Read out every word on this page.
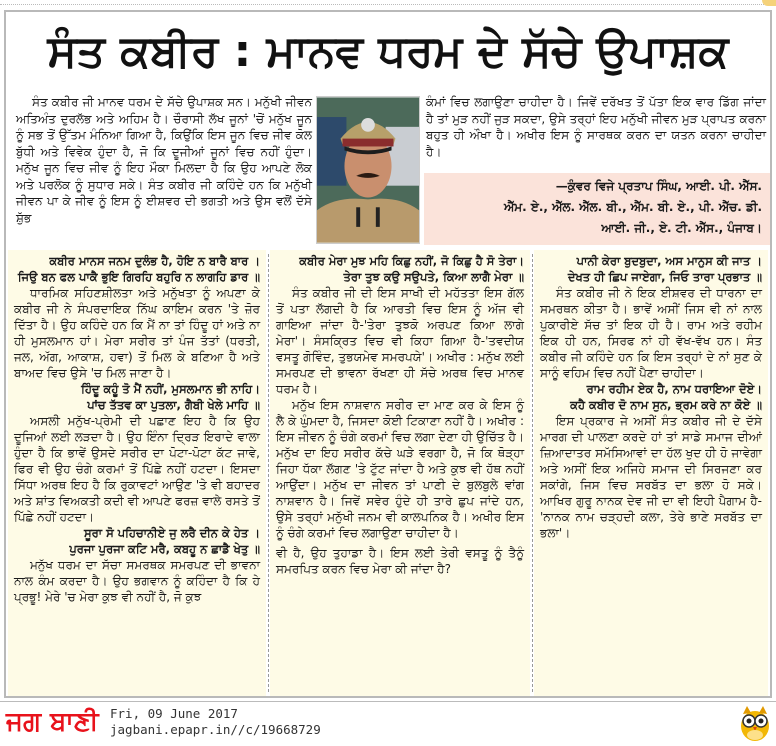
ਸੰਤ ਕਬੀਰ : ਮਾਨਵ ਧਰਮ ਦੇ ਸੱਚੇ ਉਪਾਸ਼ਕ

ਸੰਤ ਕਬੀਰ ਜੀ ਮਾਨਵ ਧਰਮ ਦੇ ਸੱਚੇ ਉਪਾਸ਼ਕ ਸਨ। ਮਨੁੱਖੀ ਜੀਵਨ ਅਤਿਅੰਤ ਦੁਰਲੱਭ ਅਤੇ ਅਹਿਮ ਹੈ। ਚੌਰਾਸੀ ਲੱਖ ਜੂਨਾਂ 'ਚੋਂ ਮਨੁੱਖ ਜੂਨ ਨੂੰ ਸਭ ਤੋਂ ਉੱਤਮ ਮੰਨਿਆ ਗਿਆ ਹੈ, ਕਿਉਂਕਿ ਇਸ ਜੂਨ ਵਿਚ ਜੀਵ ਕੋਲ ਬੁੱਧੀ ਅਤੇ ਵਿਵੇਕ ਹੁੰਦਾ ਹੈ, ਜੋ ਕਿ ਦੂਜੀਆਂ ਜੂਨਾਂ ਵਿਚ ਨਹੀਂ ਹੁੰਦਾ। ਮਨੁੱਖ ਜੂਨ ਵਿਚ ਜੀਵ ਨੂੰ ਇਹ ਮੌਕਾ ਮਿਲਦਾ ਹੈ ਕਿ ਉਹ ਆਪਣੇ ਲੋਕ ਅਤੇ ਪਰਲੋਕ ਨੂੰ ਸੁਧਾਰ ਸਕੇ। ਸੰਤ ਕਬੀਰ ਜੀ ਕਹਿੰਦੇ ਹਨ ਕਿ ਮਨੁੱਖੀ ਜੀਵਨ ਪਾ ਕੇ ਜੀਵ ਨੂੰ ਇਸ ਨੂੰ ਈਸ਼ਵਰ ਦੀ ਭਗਤੀ ਅਤੇ ਉਸ ਵਲੋਂ ਦੱਸੇ ਸ਼ੁੱਭ

ਕੰਮਾਂ ਵਿਚ ਲਗਾਉਣਾ ਚਾਹੀਦਾ ਹੈ। ਜਿਵੇਂ ਦਰੱਖਤ ਤੋਂ ਪੱਤਾ ਇਕ ਵਾਰ ਡਿੱਗ ਜਾਂਦਾ ਹੈ ਤਾਂ ਮੁੜ ਨਹੀਂ ਜੁੜ ਸਕਦਾ, ਉਸੇ ਤਰ੍ਹਾਂ ਇਹ ਮਨੁੱਖੀ ਜੀਵਨ ਮੁੜ ਪ੍ਰਾਪਤ ਕਰਨਾ ਬਹੁਤ ਹੀ ਔਖਾ ਹੈ। ਅਖੀਰ ਇਸ ਨੂੰ ਸਾਰਥਕ ਕਰਨ ਦਾ ਯਤਨ ਕਰਨਾ ਚਾਹੀਦਾ ਹੈ।

—ਕੁੰਵਰ ਵਿਜੇ ਪ੍ਰਤਾਪ ਸਿੰਘ, ਆਈ. ਪੀ. ਐੱਸ.
ਐੱਮ. ਏ., ਐੱਲ. ਐੱਲ. ਬੀ., ਐੱਮ. ਬੀ. ਏ., ਪੀ. ਐੱਚ. ਡੀ.
ਆਈ. ਜੀ., ਏ. ਟੀ. ਐੱਸ., ਪੰਜਾਬ।
ਕਬੀਰ ਮਾਨਸ ਜਨਮ ਦੁਲੰਭ ਹੈ, ਹੋਇ ਨ ਬਾਰੈ ਬਾਰ ।
ਜਿਉ ਬਨ ਫਲ ਪਾਕੈ ਭੁਇ ਗਿਰਹਿ ਬਹੁਰਿ ਨ ਲਾਗਹਿ ਡਾਰ ॥

ਧਾਰਮਿਕ ਸਹਿਣਸ਼ੀਲਤਾ ਅਤੇ ਮਨੁੱਖਤਾ ਨੂੰ ਅਪਣਾ ਕੇ ਕਬੀਰ ਜੀ ਨੇ ਸੰਪਰਦਾਇਕ ਨਿੱਘ ਕਾਇਮ ਕਰਨ 'ਤੇ ਜ਼ੋਰ ਦਿੱਤਾ ਹੈ। ਉਹ ਕਹਿੰਦੇ ਹਨ ਕਿ ਮੈਂ ਨਾ ਤਾਂ ਹਿੰਦੂ ਹਾਂ ਅਤੇ ਨਾ ਹੀ ਮੁਸਲਮਾਨ ਹਾਂ। ਮੇਰਾ ਸਰੀਰ ਤਾਂ ਪੰਜ ਤੱਤਾਂ (ਧਰਤੀ, ਜਲ, ਅੱਗ, ਆਕਾਸ਼, ਹਵਾ) ਤੋਂ ਮਿਲ ਕੇ ਬਣਿਆ ਹੈ ਅਤੇ ਬਾਅਦ ਵਿਚ ਉਸੇ 'ਚ ਮਿਲ ਜਾਣਾ ਹੈ।

ਹਿੰਦੂ ਕਹੂੰ ਤੋ ਮੈਂ ਨਹੀਂ, ਮੁਸਲਮਾਨ ਭੀ ਨਾਹਿ।
ਪਾਂਚ ਤੱਤਵ ਕਾ ਪੁਤਲਾ, ਗੈਬੀ ਖੇਲੇ ਮਾਹਿ ॥

ਅਸਲੀ ਮਨੁੱਖ-ਪ੍ਰੇਮੀ ਦੀ ਪਛਾਣ ਇਹ ਹੈ ਕਿ ਉਹ ਦੂਜਿਆਂ ਲਈ ਲੜਦਾ ਹੈ। ਉਹ ਇੰਨਾ ਦ੍ਰਿੜ ਇਰਾਦੇ ਵਾਲਾ ਹੁੰਦਾ ਹੈ ਕਿ ਭਾਵੇਂ ਉਸਦੇ ਸਰੀਰ ਦਾ ਪੋਟਾ-ਪੋਟਾ ਕੱਟ ਜਾਵੇ, ਫਿਰ ਵੀ ਉਹ ਚੰਗੇ ਕਰਮਾਂ ਤੋਂ ਪਿੱਛੇ ਨਹੀਂ ਹਟਦਾ। ਇਸਦਾ ਸਿੱਧਾ ਅਰਥ ਇਹ ਹੈ ਕਿ ਰੁਕਾਵਟਾਂ ਆਉਣ 'ਤੇ ਵੀ ਬਹਾਦਰ ਅਤੇ ਸ਼ਾਂਤ ਵਿਅਕਤੀ ਕਦੀ ਵੀ ਆਪਣੇ ਫਰਜ਼ ਵਾਲੇ ਰਸਤੇ ਤੋਂ ਪਿੱਛੇ ਨਹੀਂ ਹਟਦਾ।

ਸੂਰਾ ਸੋ ਪਹਿਚਾਨੀਏ ਜੁ ਲਰੈ ਦੀਨ ਕੇ ਹੇਤ ।
ਪੁਰਜਾ ਪੁਰਜਾ ਕਟਿ ਮਰੈ, ਕਬਹੂ ਨ ਛਾਡੈ ਖੇਤੁ ॥

ਮਨੁੱਖ ਧਰਮ ਦਾ ਸੱਚਾ ਸਮਰਥਕ ਸਮਰਪਣ ਦੀ ਭਾਵਨਾ ਨਾਲ ਕੰਮ ਕਰਦਾ ਹੈ। ਉਹ ਭਗਵਾਨ ਨੂੰ ਕਹਿੰਦਾ ਹੈ ਕਿ ਹੇ ਪ੍ਰਭੂ! ਮੇਰੇ 'ਚ ਮੇਰਾ ਕੁਝ ਵੀ ਨਹੀਂ ਹੈ, ਜੋ ਕੁਝ

ਕਬੀਰ ਮੇਰਾ ਮੁਝ ਮਹਿ ਕਿਛੁ ਨਹੀਂ, ਜੋ ਕਿਛੁ ਹੈ ਸੋ ਤੇਰਾ।
ਤੇਰਾ ਤੁਝ ਕਉ ਸਉਪਤੇ, ਕਿਆ ਲਾਗੈ ਮੇਰਾ ॥

ਸੰਤ ਕਬੀਰ ਜੀ ਦੀ ਇਸ ਸਾਖੀ ਦੀ ਮਹੱਤਤਾ ਇਸ ਗੱਲ ਤੋਂ ਪਤਾ ਲੱਗਦੀ ਹੈ ਕਿ ਆਰਤੀ ਵਿਚ ਇਸ ਨੂੰ ਅੱਜ ਵੀ ਗਾਇਆ ਜਾਂਦਾ ਹੈ-'ਤੇਰਾ ਤੁਝਕੋ ਅਰਪਣ ਕਿਆ ਲਾਗੇ ਮੇਰਾ'। ਸੰਸਕ੍ਰਿਤ ਵਿਚ ਵੀ ਕਿਹਾ ਗਿਆ ਹੈ-'ਤਵਦੀਯ ਵਸਤੂ ਗੋਵਿੰਦ, ਤੁਭਯਮੇਵ ਸਮਰਪਯੇ'। ਅਖੀਰ : ਮਨੁੱਖ ਲਈ ਸਮਰਪਣ ਦੀ ਭਾਵਨਾ ਰੱਖਣਾ ਹੀ ਸੱਚੇ ਅਰਥ ਵਿਚ ਮਾਨਵ ਧਰਮ ਹੈ।

ਮਨੁੱਖ ਇਸ ਨਾਸ਼ਵਾਨ ਸਰੀਰ ਦਾ ਮਾਣ ਕਰ ਕੇ ਇਸ ਨੂੰ ਲੈ ਕੇ ਘੁੰਮਦਾ ਹੈ, ਜਿਸਦਾ ਕੋਈ ਟਿਕਾਣਾ ਨਹੀਂ ਹੈ। ਅਖੀਰ : ਇਸ ਜੀਵਨ ਨੂੰ ਚੰਗੇ ਕਰਮਾਂ ਵਿਚ ਲਗਾ ਦੇਣਾ ਹੀ ਉਚਿੱਤ ਹੈ। ਮਨੁੱਖ ਦਾ ਇਹ ਸਰੀਰ ਕੱਚੇ ਘੜੇ ਵਰਗਾ ਹੈ, ਜੋ ਕਿ ਥੋੜ੍ਹਾ ਜਿਹਾ ਧੱਕਾ ਲੱਗਣ 'ਤੇ ਟੁੱਟ ਜਾਂਦਾ ਹੈ ਅਤੇ ਕੁਝ ਵੀ ਹੱਥ ਨਹੀਂ ਆਉਂਦਾ। ਮਨੁੱਖ ਦਾ ਜੀਵਨ ਤਾਂ ਪਾਣੀ ਦੇ ਬੁਲਬੁਲੇ ਵਾਂਗ ਨਾਸ਼ਵਾਨ ਹੈ। ਜਿਵੇਂ ਸਵੇਰ ਹੁੰਦੇ ਹੀ ਤਾਰੇ ਛੁਪ ਜਾਂਦੇ ਹਨ, ਉਸੇ ਤਰ੍ਹਾਂ ਮਨੁੱਖੀ ਜਨਮ ਵੀ ਕਾਲਪਨਿਕ ਹੈ। ਅਖੀਰ ਇਸ ਨੂੰ ਚੰਗੇ ਕਰਮਾਂ ਵਿਚ ਲਗਾਉਣਾ ਚਾਹੀਦਾ ਹੈ।

ਵੀ ਹੈ, ਉਹ ਤੁਹਾਡਾ ਹੈ। ਇਸ ਲਈ ਤੇਰੀ ਵਸਤੂ ਨੂੰ ਤੈਨੂੰ ਸਮਰਪਿਤ ਕਰਨ ਵਿਚ ਮੇਰਾ ਕੀ ਜਾਂਦਾ ਹੈ?

ਪਾਨੀ ਕੇਰਾ ਬੁਦਬੁਦਾ, ਅਸ ਮਾਨੁਸ ਕੀ ਜਾਤ ।
ਦੇਖਤ ਹੀ ਛਿਪ ਜਾਏਗਾ, ਜਿਓ ਤਾਰਾ ਪ੍ਰਭਾਤ ॥

ਸੰਤ ਕਬੀਰ ਜੀ ਨੇ ਇਕ ਈਸ਼ਵਰ ਦੀ ਧਾਰਨਾ ਦਾ ਸਮਰਥਨ ਕੀਤਾ ਹੈ। ਭਾਵੇਂ ਅਸੀਂ ਜਿਸ ਵੀ ਨਾਂ ਨਾਲ ਪੁਕਾਰੀਏ ਸੱਚ ਤਾਂ ਇਕ ਹੀ ਹੈ। ਰਾਮ ਅਤੇ ਰਹੀਮ ਇਕ ਹੀ ਹਨ, ਸਿਰਫ ਨਾਂ ਹੀ ਵੱਖ-ਵੱਖ ਹਨ। ਸੰਤ ਕਬੀਰ ਜੀ ਕਹਿੰਦੇ ਹਨ ਕਿ ਇਸ ਤਰ੍ਹਾਂ ਦੇ ਨਾਂ ਸੁਣ ਕੇ ਸਾਨੂੰ ਵਹਿਮ ਵਿਚ ਨਹੀਂ ਪੈਣਾ ਚਾਹੀਦਾ।

ਰਾਮ ਰਹੀਮ ਏਕ ਹੈ, ਨਾਮ ਧਰਾਇਆ ਦੋਏ।
ਕਹੈ ਕਬੀਰ ਦੋ ਨਾਮ ਸੁਨ, ਭ੍ਰਮ ਕਰੇ ਨਾ ਕੋਏ ॥

ਇਸ ਪ੍ਰਕਾਰ ਜੇ ਅਸੀਂ ਸੰਤ ਕਬੀਰ ਜੀ ਦੇ ਦੱਸੇ ਮਾਰਗ ਦੀ ਪਾਲਣਾ ਕਰਦੇ ਹਾਂ ਤਾਂ ਸਾਡੇ ਸਮਾਜ ਦੀਆਂ ਜ਼ਿਆਦਾਤਰ ਸਮੱਸਿਆਵਾਂ ਦਾ ਹੱਲ ਖੁਦ ਹੀ ਹੋ ਜਾਵੇਗਾ ਅਤੇ ਅਸੀਂ ਇਕ ਅਜਿਹੇ ਸਮਾਜ ਦੀ ਸਿਰਜਣਾ ਕਰ ਸਕਾਂਗੇ, ਜਿਸ ਵਿਚ ਸਰਬੱਤ ਦਾ ਭਲਾ ਹੋ ਸਕੇ। ਆਖਿਰ ਗੁਰੂ ਨਾਨਕ ਦੇਵ ਜੀ ਦਾ ਵੀ ਇਹੀ ਪੈਗਾਮ ਹੈ-'ਨਾਨਕ ਨਾਮ ਚੜ੍ਹਦੀ ਕਲਾ, ਤੇਰੇ ਭਾਣੇ ਸਰਬੱਤ ਦਾ ਭਲਾ'।

ਜਗ ਬਾਣੀ Fri, 09 June 2017
jagbani.epapr.in//c/19668729
